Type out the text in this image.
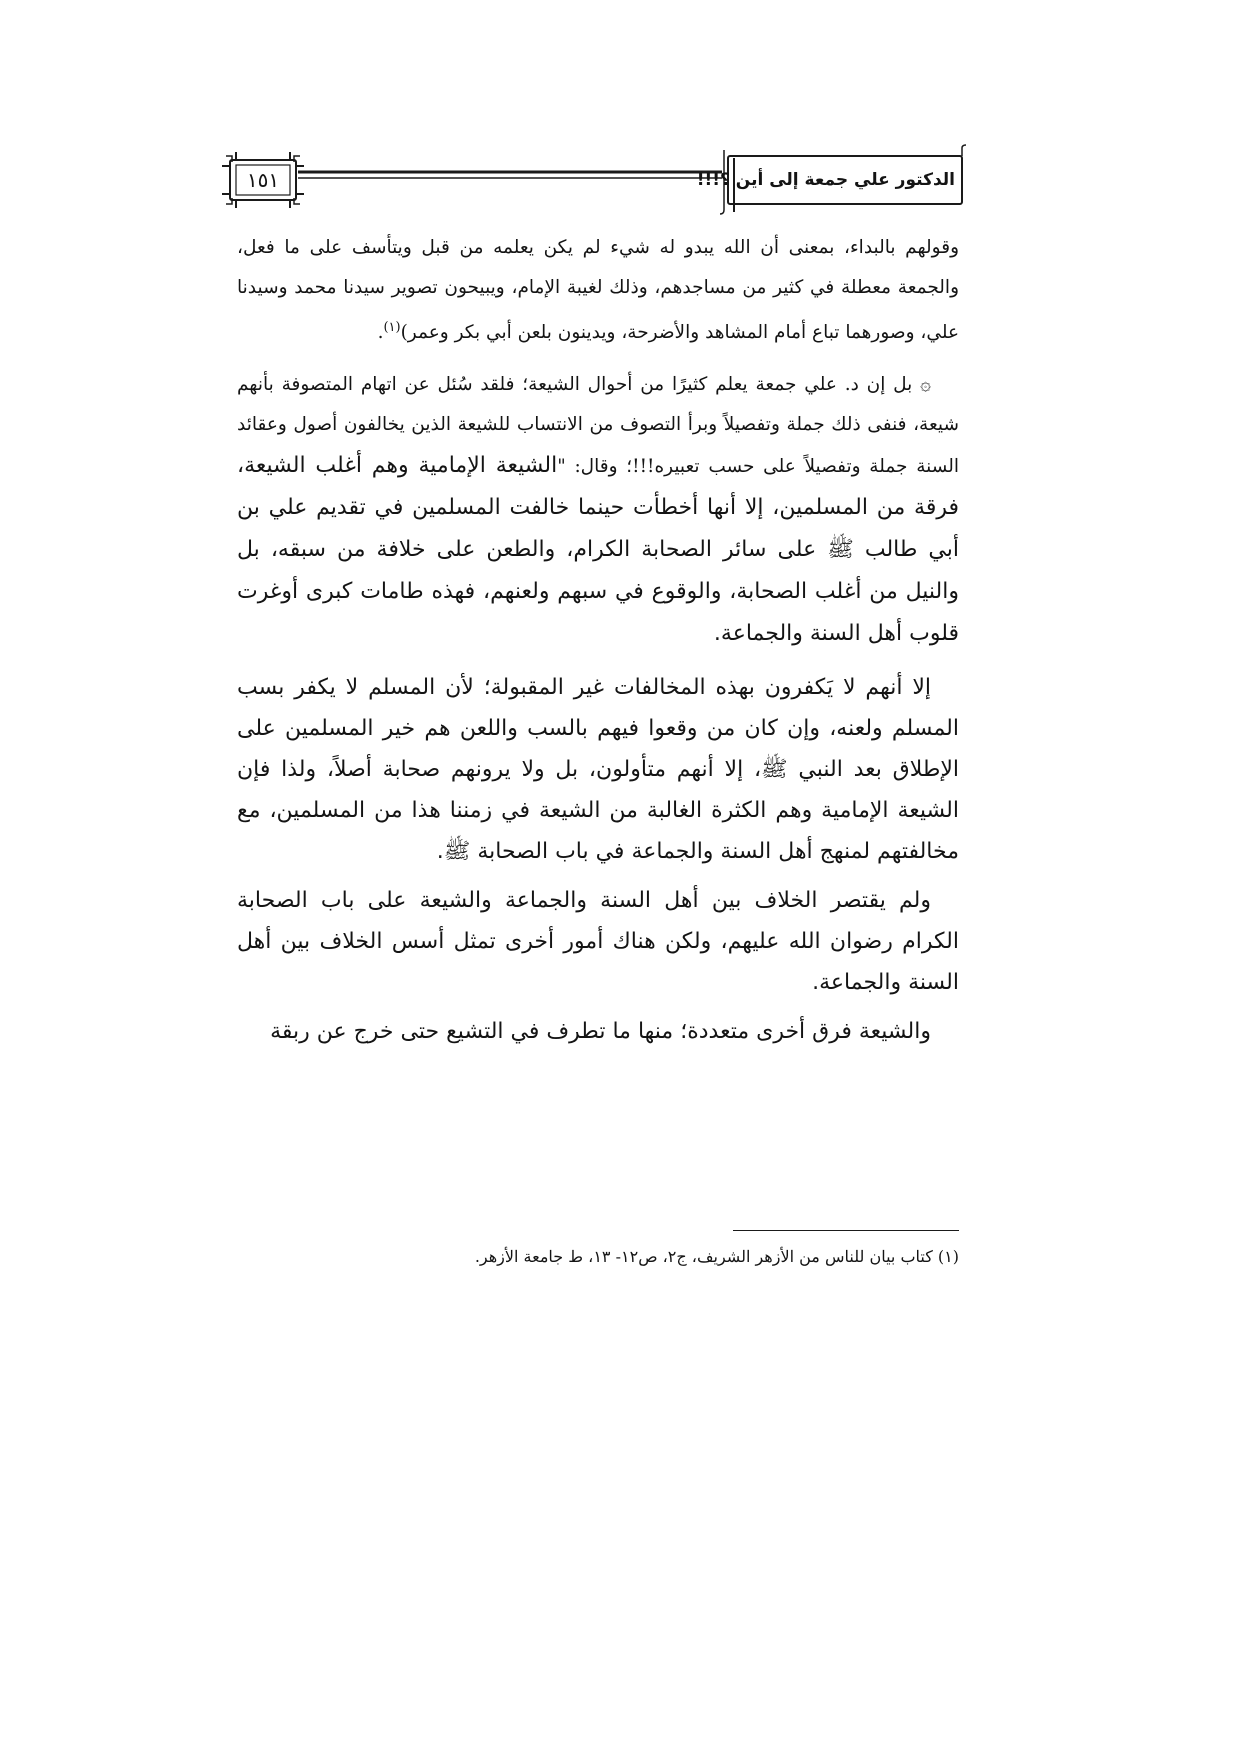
١٥١	الدكتور علي جمعة إلى أين ؟!!!

وقولهم بالبداء، بمعنى أن الله يبدو له شيء لم يكن يعلمه من قبل ويتأسف على ما فعل، والجمعة معطلة في كثير من مساجدهم، وذلك لغيبة الإمام، ويبيحون تصوير سيدنا محمد وسيدنا علي، وصورهما تباع أمام المشاهد والأضرحة، ويدينون بلعن أبي بكر وعمر)$^{(١)}$.

۞ بل إن د. علي جمعة يعلم كثيرًا من أحوال الشيعة؛ فلقد سُئل عن اتهام المتصوفة بأنهم شيعة، فنفى ذلك جملة وتفصيلاً وبرأ التصوف من الانتساب للشيعة الذين يخالفون أصول وعقائد السنة جملة وتفصيلاً على حسب تعبيره!!!؛ وقال: "الشيعة الإمامية وهم أغلب الشيعة، فرقة من المسلمين، إلا أنها أخطأت حينما خالفت المسلمين في تقديم علي بن أبي طالب ﷺ على سائر الصحابة الكرام، والطعن على خلافة من سبقه، بل والنيل من أغلب الصحابة، والوقوع في سبهم ولعنهم، فهذه طامات كبرى أوغرت قلوب أهل السنة والجماعة.

إلا أنهم لا يَكفرون بهذه المخالفات غير المقبولة؛ لأن المسلم لا يكفر بسب المسلم ولعنه، وإن كان من وقعوا فيهم بالسب واللعن هم خير المسلمين على الإطلاق بعد النبي ﷺ، إلا أنهم متأولون، بل ولا يرونهم صحابة أصلاً، ولذا فإن الشيعة الإمامية وهم الكثرة الغالبة من الشيعة في زمننا هذا من المسلمين، مع مخالفتهم لمنهج أهل السنة والجماعة في باب الصحابة ﷺ.

ولم يقتصر الخلاف بين أهل السنة والجماعة والشيعة على باب الصحابة الكرام رضوان الله عليهم، ولكن هناك أمور أخرى تمثل أسس الخلاف بين أهل السنة والجماعة.

والشيعة فرق أخرى متعددة؛ منها ما تطرف في التشيع حتى خرج عن ربقة

(١) كتاب بيان للناس من الأزهر الشريف، ج٢، ص١٢- ١٣، ط جامعة الأزهر.
